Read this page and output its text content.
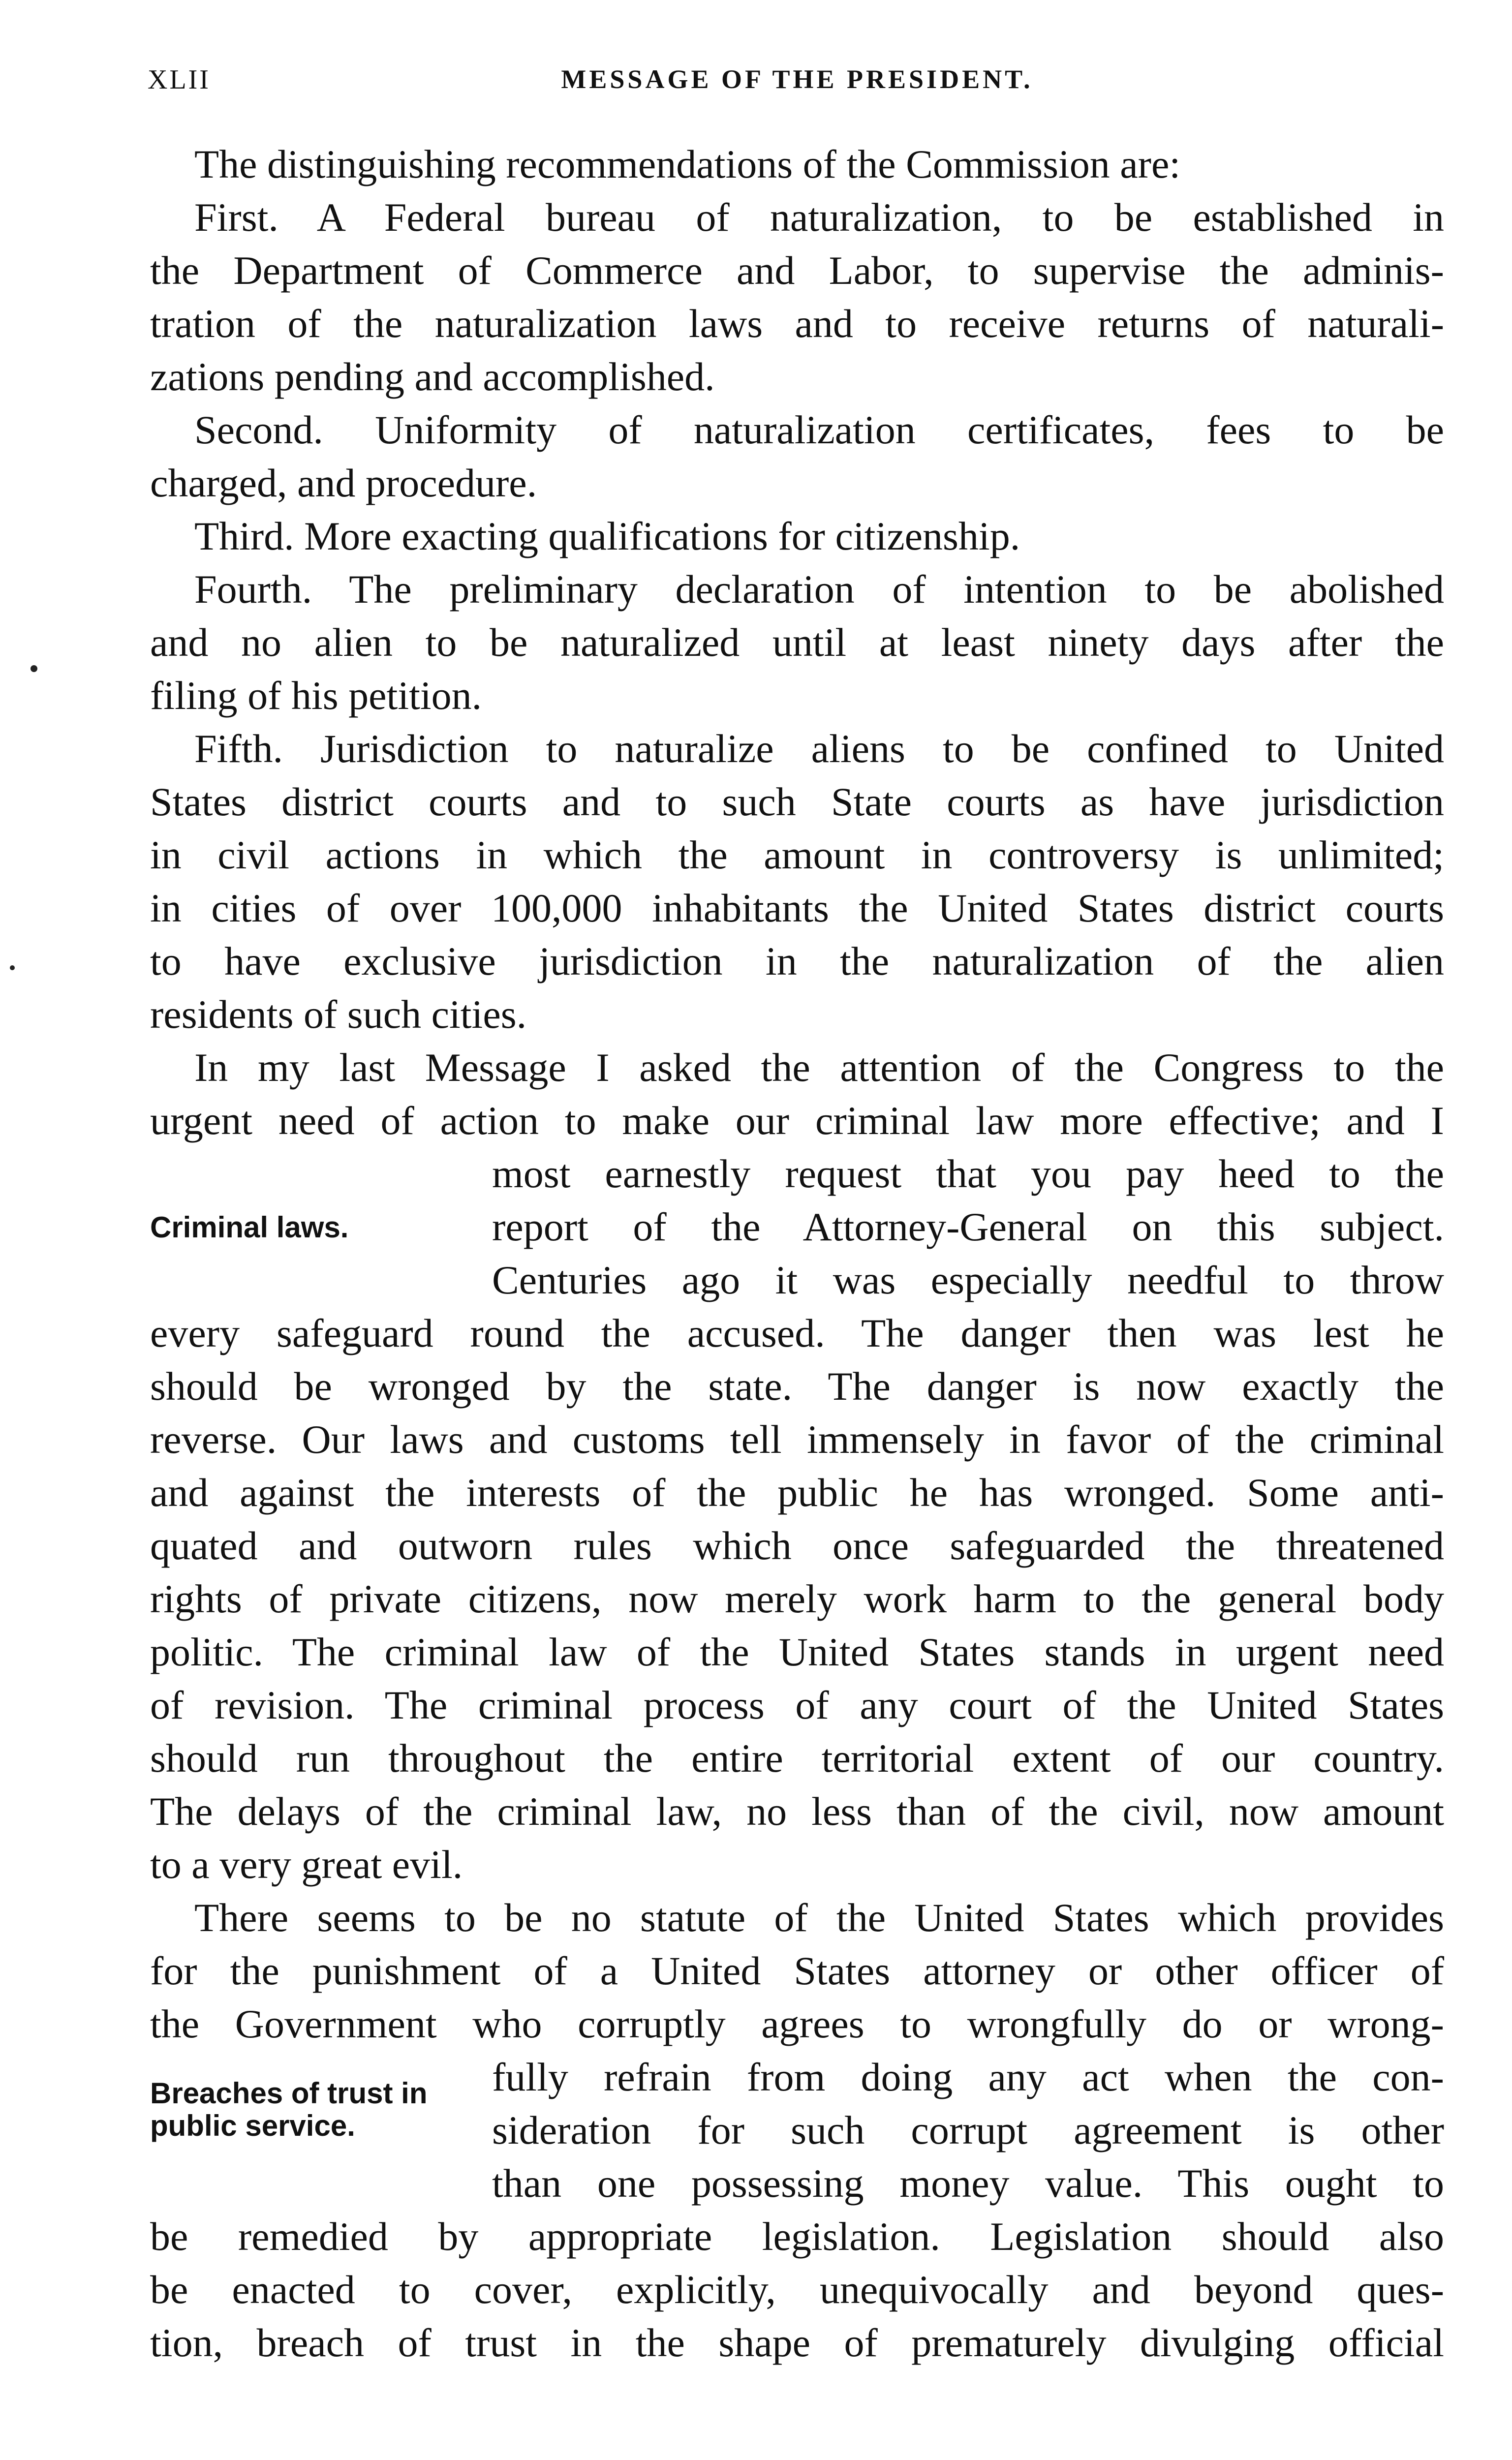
XLII	MESSAGE OF THE PRESIDENT.
The distinguishing recommendations of the Commission are:
First. A Federal bureau of naturalization, to be established in
the Department of Commerce and Labor, to supervise the adminis-
tration of the naturalization laws and to receive returns of naturali-
zations pending and accomplished.
Second. Uniformity of naturalization certificates, fees to be
charged, and procedure.
Third. More exacting qualifications for citizenship.
Fourth. The preliminary declaration of intention to be abolished
and no alien to be naturalized until at least ninety days after the
filing of his petition.
Fifth. Jurisdiction to naturalize aliens to be confined to United
States district courts and to such State courts as have jurisdiction
in civil actions in which the amount in controversy is unlimited;
in cities of over 100,000 inhabitants the United States district courts
to have exclusive jurisdiction in the naturalization of the alien
residents of such cities.
In my last Message I asked the attention of the Congress to the
urgent need of action to make our criminal law more effective; and I
most earnestly request that you pay heed to the
report of the Attorney-General on this subject.
Centuries ago it was especially needful to throw
every safeguard round the accused. The danger then was lest he
should be wronged by the state. The danger is now exactly the
reverse. Our laws and customs tell immensely in favor of the criminal
and against the interests of the public he has wronged. Some anti-
quated and outworn rules which once safeguarded the threatened
rights of private citizens, now merely work harm to the general body
politic. The criminal law of the United States stands in urgent need
of revision. The criminal process of any court of the United States
should run throughout the entire territorial extent of our country.
The delays of the criminal law, no less than of the civil, now amount
to a very great evil.
There seems to be no statute of the United States which provides
for the punishment of a United States attorney or other officer of
the Government who corruptly agrees to wrongfully do or wrong-
fully refrain from doing any act when the con-
sideration for such corrupt agreement is other
than one possessing money value. This ought to
be remedied by appropriate legislation. Legislation should also
be enacted to cover, explicitly, unequivocally and beyond ques-
tion, breach of trust in the shape of prematurely divulging official
Criminal laws.
Breaches of trust in
public service.
